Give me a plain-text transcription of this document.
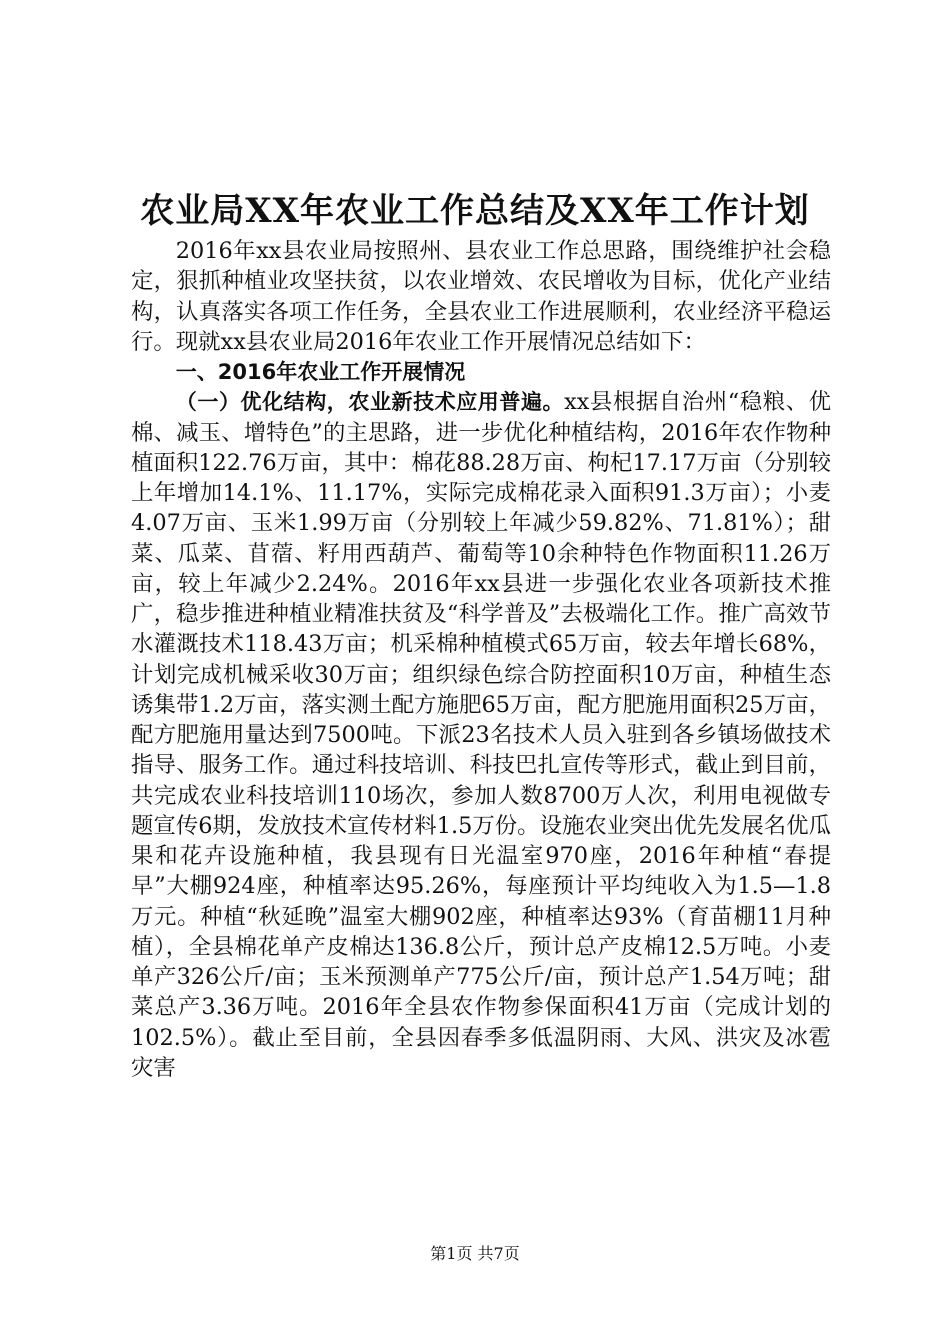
农业局XX年农业工作总结及XX年工作计划

2016年xx县农业局按照州、县农业工作总思路，围绕维护社会稳定，狠抓种植业攻坚扶贫，以农业增效、农民增收为目标，优化产业结构，认真落实各项工作任务，全县农业工作进展顺利，农业经济平稳运行。现就xx县农业局2016年农业工作开展情况总结如下：

一、2016年农业工作开展情况

（一）优化结构，农业新技术应用普遍。xx县根据自治州“稳粮、优棉、减玉、增特色”的主思路，进一步优化种植结构，2016年农作物种植面积122.76万亩，其中：棉花88.28万亩、枸杞17.17万亩（分别较上年增加14.1%、11.17%，实际完成棉花录入面积91.3万亩）；小麦4.07万亩、玉米1.99万亩（分别较上年减少59.82%、71.81%）；甜菜、瓜菜、苜蓿、籽用西葫芦、葡萄等10余种特色作物面积11.26万亩，较上年减少2.24%。2016年xx县进一步强化农业各项新技术推广，稳步推进种植业精准扶贫及“科学普及”去极端化工作。推广高效节水灌溉技术118.43万亩；机采棉种植模式65万亩，较去年增长68%，计划完成机械采收30万亩；组织绿色综合防控面积10万亩，种植生态诱集带1.2万亩，落实测土配方施肥65万亩，配方肥施用面积25万亩，配方肥施用量达到7500吨。下派23名技术人员入驻到各乡镇场做技术指导、服务工作。通过科技培训、科技巴扎宣传等形式，截止到目前，共完成农业科技培训110场次，参加人数8700万人次，利用电视做专题宣传6期，发放技术宣传材料1.5万份。设施农业突出优先发展名优瓜果和花卉设施种植，我县现有日光温室970座，2016年种植“春提早”大棚924座，种植率达95.26%，每座预计平均纯收入为1.5—1.8万元。种植“秋延晚”温室大棚902座，种植率达93%（育苗棚11月种植），全县棉花单产皮棉达136.8公斤，预计总产皮棉12.5万吨。小麦单产326公斤/亩；玉米预测单产775公斤/亩，预计总产1.54万吨；甜菜总产3.36万吨。2016年全县农作物参保面积41万亩（完成计划的102.5%）。截止至目前，全县因春季多低温阴雨、大风、洪灾及冰雹灾害

第1页 共7页
